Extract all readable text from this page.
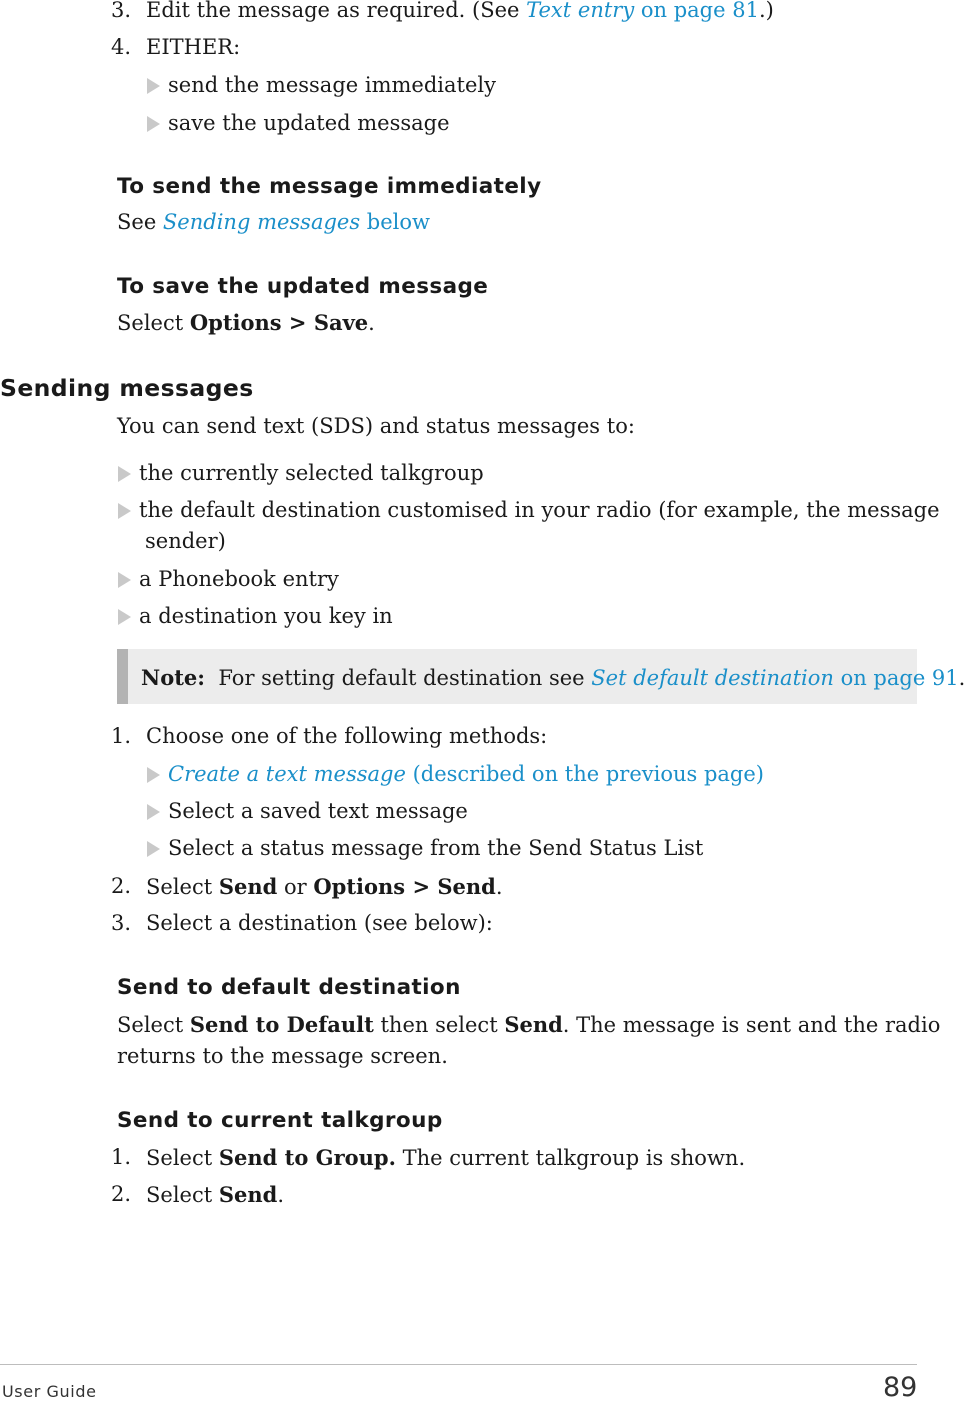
3. Edit the message as required. (See Text entry on page 81.)
4. EITHER:
send the message immediately
save the updated message
To send the message immediately
See Sending messages below
To save the updated message
Select Options > Save.
Sending messages
You can send text (SDS) and status messages to:
the currently selected talkgroup
the default destination customised in your radio (for example, the message
sender)
a Phonebook entry
a destination you key in
Note: For setting default destination see Set default destination on page 91.
1. Choose one of the following methods:
Create a text message (described on the previous page)
Select a saved text message
Select a status message from the Send Status List
2. Select Send or Options > Send.
3. Select a destination (see below):
Send to default destination
Select Send to Default then select Send. The message is sent and the radio
returns to the message screen.
Send to current talkgroup
1. Select Send to Group. The current talkgroup is shown.
2. Select Send.
User Guide	89
